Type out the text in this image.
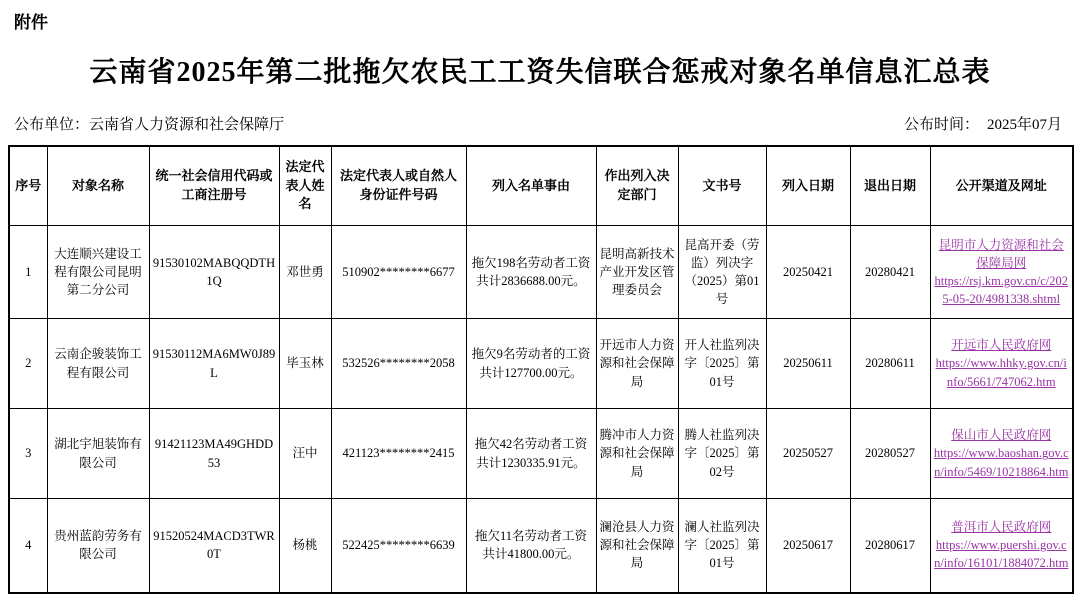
附件
云南省2025年第二批拖欠农民工工资失信联合惩戒对象名单信息汇总表
公布单位：云南省人力资源和社会保障厅	公布时间： 2025年07月
序号	对象名称	统一社会信用代码或工商注册号	法定代表人姓名	法定代表人或自然人身份证件号码	列入名单事由	作出列入决定部门	文书号	列入日期	退出日期	公开渠道及网址
1	大连顺兴建设工程有限公司昆明第二分公司	91530102MABQQDTH1Q	邓世勇	510902********6677	拖欠198名劳动者工资共计2836688.00元。	昆明高新技术产业开发区管理委员会	昆高开委（劳监）列决字（2025）第01号	20250421	20280421	昆明市人力资源和社会保障局网
https://rsj.km.gov.cn/c/2025-05-20/4981338.shtml

2	云南企骏装饰工程有限公司	91530112MA6MW0J89L	毕玉林	532526********2058	拖欠9名劳动者的工资共计127700.00元。	开远市人力资源和社会保障局	开人社监列决字〔2025〕第01号	20250611	20280611	开远市人民政府网
https://www.hhky.gov.cn/info/5661/747062.htm

3	湖北宇旭装饰有限公司	91421123MA49GHDD53	汪中	421123********2415	拖欠42名劳动者工资共计1230335.91元。	腾冲市人力资源和社会保障局	腾人社监列决字〔2025〕第02号	20250527	20280527	保山市人民政府网
https://www.baoshan.gov.cn/info/5469/10218864.htm

4	贵州蓝韵劳务有限公司	91520524MACD3TWR0T	杨桃	522425********6639	拖欠11名劳动者工资共计41800.00元。	澜沧县人力资源和社会保障局	澜人社监列决字〔2025〕第01号	20250617	20280617	普洱市人民政府网
https://www.puershi.gov.cn/info/16101/1884072.htm
